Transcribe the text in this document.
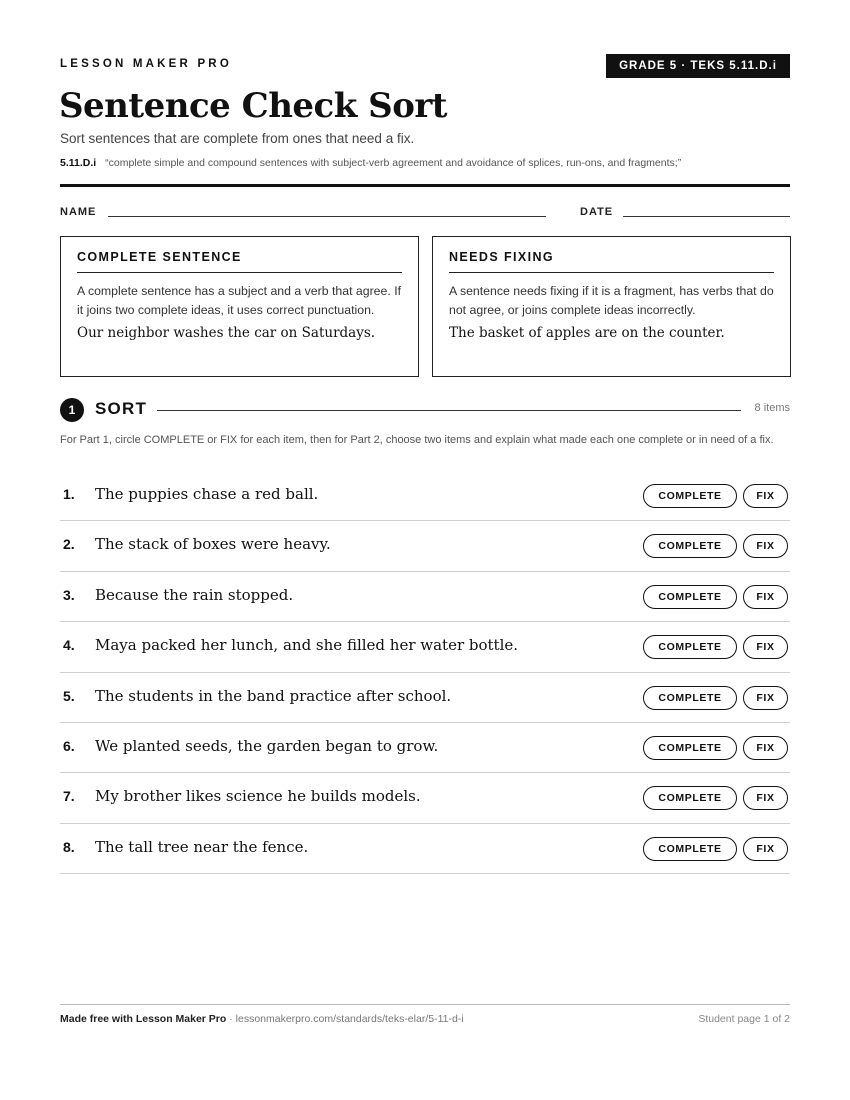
LESSON MAKER PRO	GRADE 5 · TEKS 5.11.D.i
Sentence Check Sort
Sort sentences that are complete from ones that need a fix.
5.11.D.i “complete simple and compound sentences with subject-verb agreement and avoidance of splices, run-ons, and fragments;”
NAME	DATE
COMPLETE SENTENCE
A complete sentence has a subject and a verb that agree. If it joins two complete ideas, it uses correct punctuation.
Our neighbor washes the car on Saturdays.
NEEDS FIXING
A sentence needs fixing if it is a fragment, has verbs that do not agree, or joins complete ideas incorrectly.
The basket of apples are on the counter.
1	SORT	8 items
For Part 1, circle COMPLETE or FIX for each item, then for Part 2, choose two items and explain what made each one complete or in need of a fix.
1. The puppies chase a red ball.	COMPLETE	FIX
2. The stack of boxes were heavy.	COMPLETE	FIX
3. Because the rain stopped.	COMPLETE	FIX
4. Maya packed her lunch, and she filled her water bottle.	COMPLETE	FIX
5. The students in the band practice after school.	COMPLETE	FIX
6. We planted seeds, the garden began to grow.	COMPLETE	FIX
7. My brother likes science he builds models.	COMPLETE	FIX
8. The tall tree near the fence.	COMPLETE	FIX
Made free with Lesson Maker Pro · lessonmakerpro.com/standards/teks-elar/5-11-d-i	Student page 1 of 2
